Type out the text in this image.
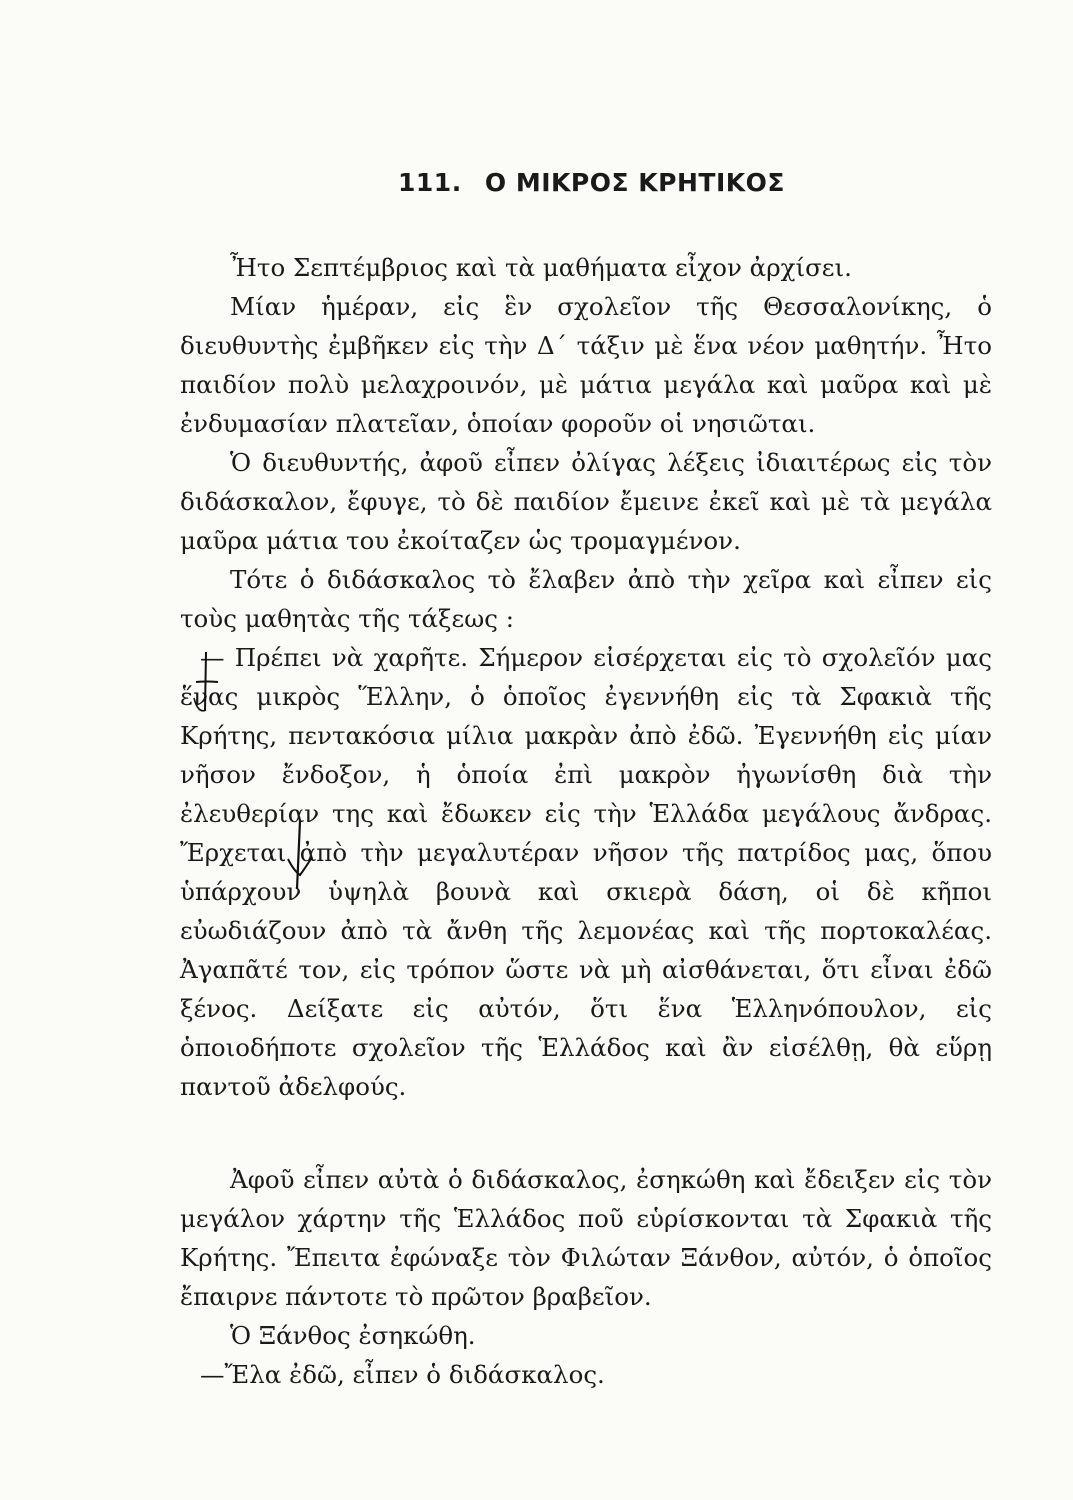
111. Ο ΜΙΚΡΟΣ ΚΡΗΤΙΚΟΣ

Ἦτο Σεπτέμβριος καὶ τὰ μαθήματα εἶχον ἀρχίσει.

Μίαν ἡμέραν, εἰς ἓν σχολεῖον τῆς Θεσσαλονίκης, ὁ διευθυντὴς ἐμβῆκεν εἰς τὴν Δ΄ τάξιν μὲ ἕνα νέον μαθητήν. Ἦτο παιδίον πολὺ μελαχροινόν, μὲ μάτια μεγάλα καὶ μαῦρα καὶ μὲ ἐνδυμασίαν πλατεῖαν, ὁποίαν φοροῦν οἱ νησιῶται.

Ὁ διευθυντής, ἀφοῦ εἶπεν ὀλίγας λέξεις ἰδιαιτέρως εἰς τὸν διδάσκαλον, ἔφυγε, τὸ δὲ παιδίον ἔμεινε ἐκεῖ καὶ μὲ τὰ μεγάλα μαῦρα μάτια του ἐκοίταζεν ὡς τρομαγμένον.

Τότε ὁ διδάσκαλος τὸ ἔλαβεν ἀπὸ τὴν χεῖρα καὶ εἶπεν εἰς τοὺς μαθητὰς τῆς τάξεως :

— Πρέπει νὰ χαρῆτε. Σήμερον εἰσέρχεται εἰς τὸ σχολεῖόν μας ἕνας μικρὸς Ἕλλην, ὁ ὁποῖος ἐγεννήθη εἰς τὰ Σφακιὰ τῆς Κρήτης, πεντακόσια μίλια μακρὰν ἀπὸ ἐδῶ. Ἐγεννήθη εἰς μίαν νῆσον ἔνδοξον, ἡ ὁποία ἐπὶ μακρὸν ἠγωνίσθη διὰ τὴν ἐλευθερίαν της καὶ ἔδωκεν εἰς τὴν Ἑλλάδα μεγάλους ἄνδρας. Ἔρχεται ἀπὸ τὴν μεγαλυτέραν νῆσον τῆς πατρίδος μας, ὅπου ὑπάρχουν ὑψηλὰ βουνὰ καὶ σκιερὰ δάση, οἱ δὲ κῆποι εὐωδιάζουν ἀπὸ τὰ ἄνθη τῆς λεμονέας καὶ τῆς πορτοκαλέας. Ἀγαπᾶτέ τον, εἰς τρόπον ὥστε νὰ μὴ αἰσθάνεται, ὅτι εἶναι ἐδῶ ξένος. Δείξατε εἰς αὐτόν, ὅτι ἕνα Ἑλληνόπουλον, εἰς ὁποιοδήποτε σχολεῖον τῆς Ἑλλάδος καὶ ἂν εἰσέλθῃ, θὰ εὕρῃ παντοῦ ἀδελφούς.

Ἀφοῦ εἶπεν αὐτὰ ὁ διδάσκαλος, ἐσηκώθη καὶ ἔδειξεν εἰς τὸν μεγάλον χάρτην τῆς Ἑλλάδος ποῦ εὑρίσκονται τὰ Σφακιὰ τῆς Κρήτης. Ἔπειτα ἐφώναξε τὸν Φιλώταν Ξάνθον, αὐτόν, ὁ ὁποῖος ἔπαιρνε πάντοτε τὸ πρῶτον βραβεῖον.

Ὁ Ξάνθος ἐσηκώθη.

—Ἔλα ἐδῶ, εἶπεν ὁ διδάσκαλος.
